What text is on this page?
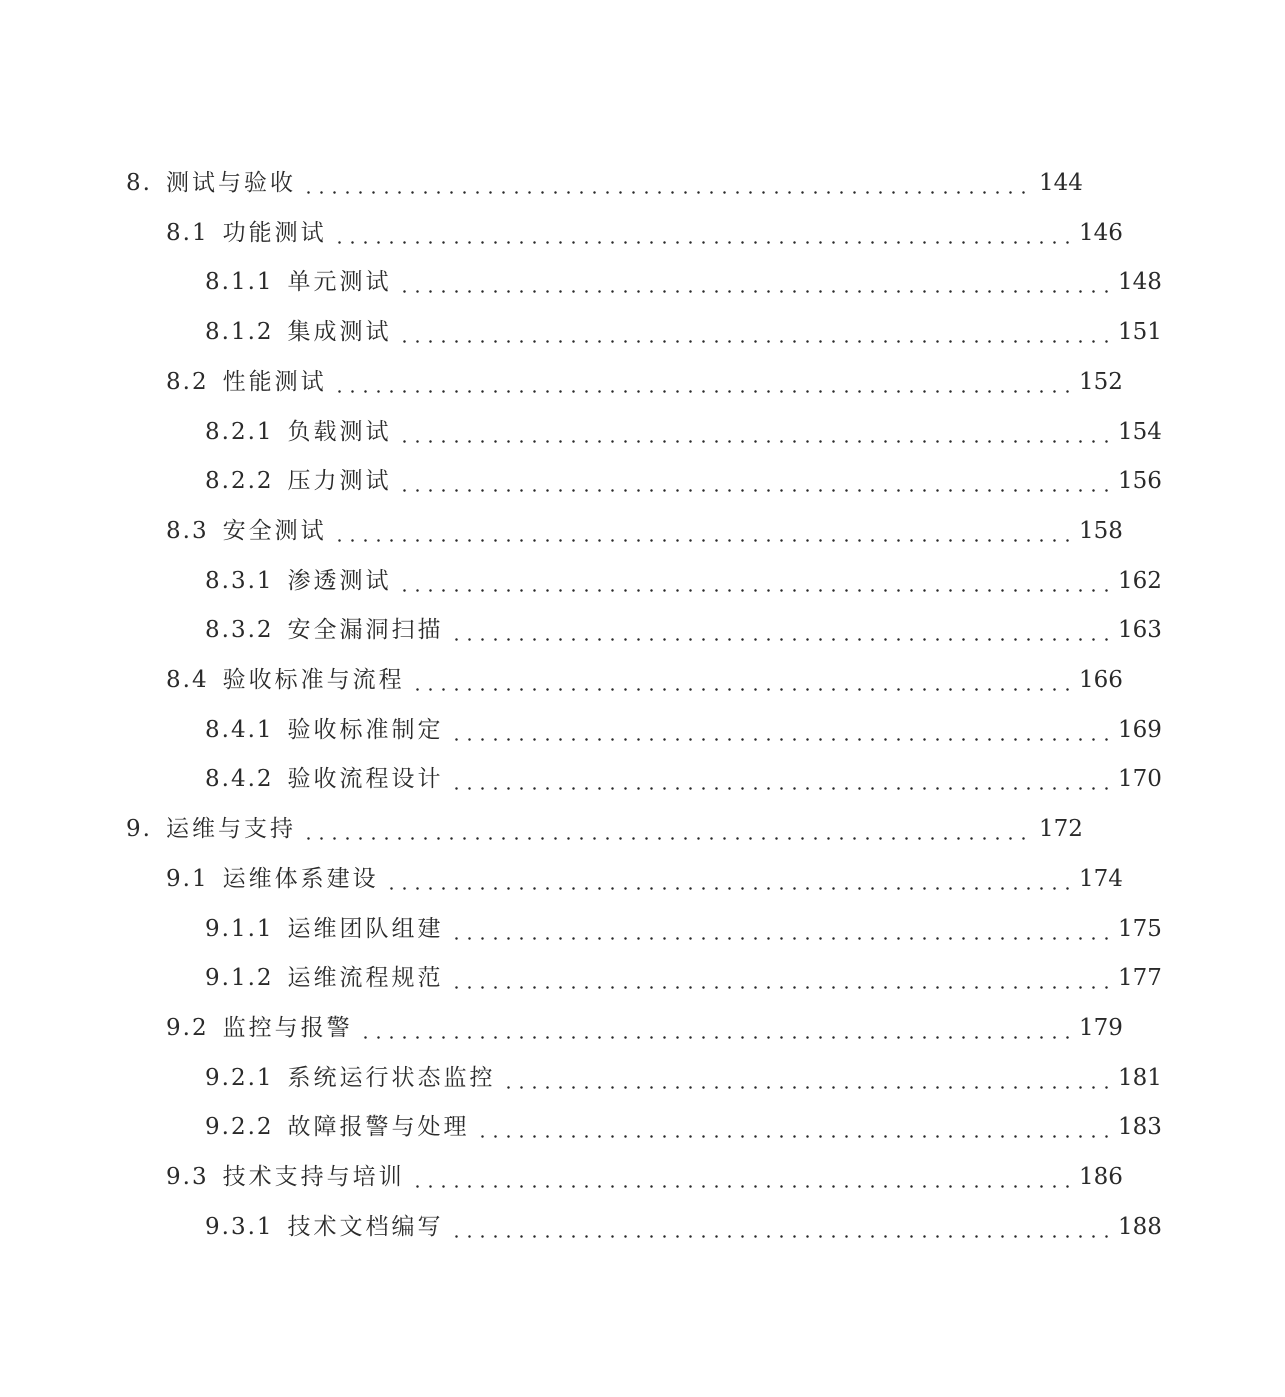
8. 测试与验收	144
8.1 功能测试	146
8.1.1 单元测试	148
8.1.2 集成测试	151
8.2 性能测试	152
8.2.1 负载测试	154
8.2.2 压力测试	156
8.3 安全测试	158
8.3.1 渗透测试	162
8.3.2 安全漏洞扫描	163
8.4 验收标准与流程	166
8.4.1 验收标准制定	169
8.4.2 验收流程设计	170
9. 运维与支持	172
9.1 运维体系建设	174
9.1.1 运维团队组建	175
9.1.2 运维流程规范	177
9.2 监控与报警	179
9.2.1 系统运行状态监控	181
9.2.2 故障报警与处理	183
9.3 技术支持与培训	186
9.3.1 技术文档编写	188
